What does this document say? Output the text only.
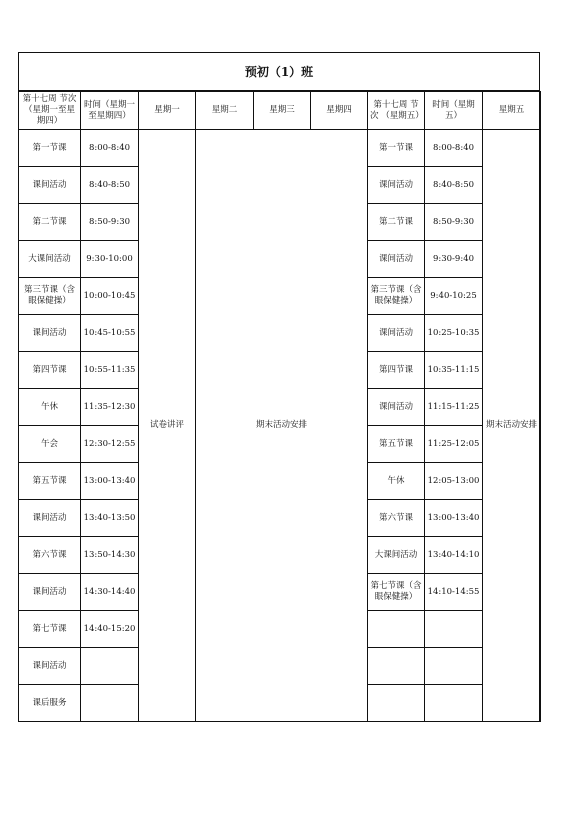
预初（1）班
第十七周 节次（星期一至星期四）	时间（星期一至星期四）	星期一	星期二	星期三	星期四	第十七周 节次 （星期五）	时间（星期五）	星期五
第一节课	8:00-8:40	试卷讲评	期末活动安排			第一节课	8:00-8:40	期末活动安排
课间活动	8:40-8:50					课间活动	8:40-8:50	
第二节课	8:50-9:30					第二节课	8:50-9:30	
大课间活动	9:30-10:00					课间活动	9:30-9:40	
第三节课（含眼保健操）	10:00-10:45					第三节课（含眼保健操）	9:40-10:25	
课间活动	10:45-10:55					课间活动	10:25-10:35	
第四节课	10:55-11:35					第四节课	10:35-11:15	
午休	11:35-12:30					课间活动	11:15-11:25	
午会	12:30-12:55					第五节课	11:25-12:05	
第五节课	13:00-13:40					午休	12:05-13:00	
课间活动	13:40-13:50					第六节课	13:00-13:40	
第六节课	13:50-14:30					大课间活动	13:40-14:10	
课间活动	14:30-14:40					第七节课（含眼保健操）	14:10-14:55	
第七节课	14:40-15:20							
课间活动								
课后服务								
